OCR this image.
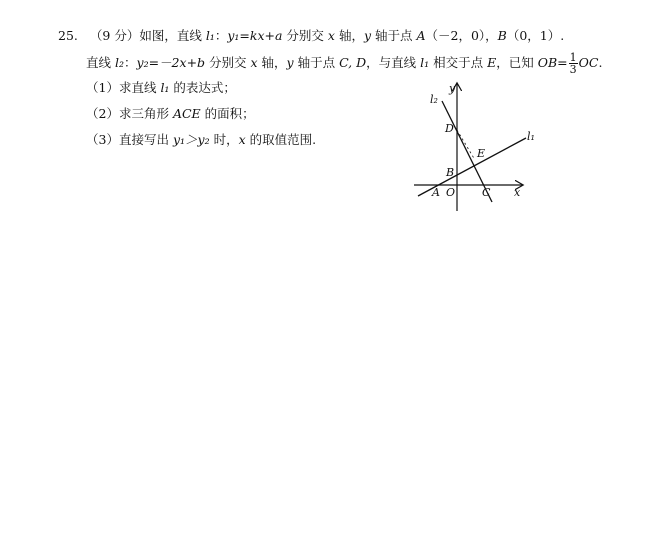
25. （9 分）如图，直线 l₁：y₁=kx+a 分别交 x 轴，y 轴于点 A（－2，0），B（0，1）.
直线 l₂：y₂=－2x+b 分别交 x 轴，y 轴于点 C, D，与直线 l₁ 相交于点 E，已知 $OB= \frac{1}{3}$ OC.
（1）求直线 l₁ 的表达式；
（2）求三角形 ACE 的面积；
（3）直接写出 y₁＞y₂ 时，x 的取值范围.
y
x
l₂
l₁
D
E
B
A O C
